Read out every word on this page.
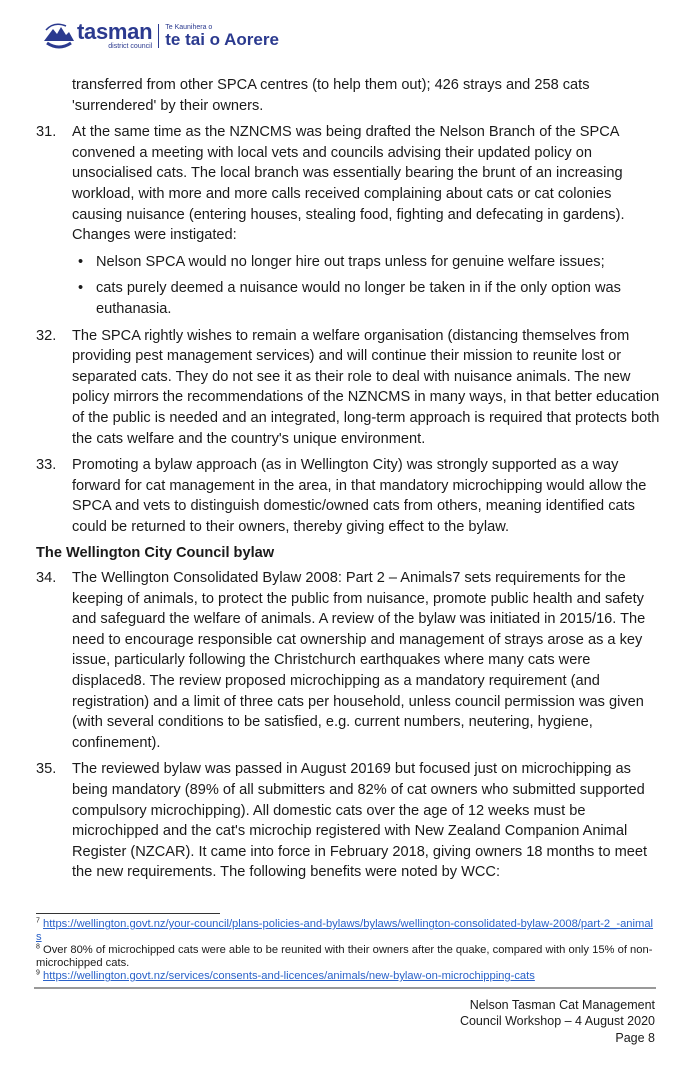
tasman
district council
Te Kaunihera o
te tai o Aorere
transferred from other SPCA centres (to help them out); 426 strays and 258 cats 'surrendered' by their owners.
31. At the same time as the NZNCMS was being drafted the Nelson Branch of the SPCA convened a meeting with local vets and councils advising their updated policy on unsocialised cats. The local branch was essentially bearing the brunt of an increasing workload, with more and more calls received complaining about cats or cat colonies causing nuisance (entering houses, stealing food, fighting and defecating in gardens). Changes were instigated:
• Nelson SPCA would no longer hire out traps unless for genuine welfare issues;
• cats purely deemed a nuisance would no longer be taken in if the only option was euthanasia.
32. The SPCA rightly wishes to remain a welfare organisation (distancing themselves from providing pest management services) and will continue their mission to reunite lost or separated cats. They do not see it as their role to deal with nuisance animals. The new policy mirrors the recommendations of the NZNCMS in many ways, in that better education of the public is needed and an integrated, long-term approach is required that protects both the cats welfare and the country's unique environment.
33. Promoting a bylaw approach (as in Wellington City) was strongly supported as a way forward for cat management in the area, in that mandatory microchipping would allow the SPCA and vets to distinguish domestic/owned cats from others, meaning identified cats could be returned to their owners, thereby giving effect to the bylaw.
The Wellington City Council bylaw
34. The Wellington Consolidated Bylaw 2008: Part 2 – Animals7 sets requirements for the keeping of animals, to protect the public from nuisance, promote public health and safety and safeguard the welfare of animals. A review of the bylaw was initiated in 2015/16. The need to encourage responsible cat ownership and management of strays arose as a key issue, particularly following the Christchurch earthquakes where many cats were displaced8. The review proposed microchipping as a mandatory requirement (and registration) and a limit of three cats per household, unless council permission was given (with several conditions to be satisfied, e.g. current numbers, neutering, hygiene, confinement).
35. The reviewed bylaw was passed in August 20169 but focused just on microchipping as being mandatory (89% of all submitters and 82% of cat owners who submitted supported compulsory microchipping). All domestic cats over the age of 12 weeks must be microchipped and the cat's microchip registered with New Zealand Companion Animal Register (NZCAR). It came into force in February 2018, giving owners 18 months to meet the new requirements. The following benefits were noted by WCC:
$^7$ https://wellington.govt.nz/your-council/plans-policies-and-bylaws/bylaws/wellington-consolidated-bylaw-2008/part-2_-animals
$^8$ Over 80% of microchipped cats were able to be reunited with their owners after the quake, compared with only 15% of non-microchipped cats.
$^9$ https://wellington.govt.nz/services/consents-and-licences/animals/new-bylaw-on-microchipping-cats
Nelson Tasman Cat Management
Council Workshop – 4 August 2020
Page 8
